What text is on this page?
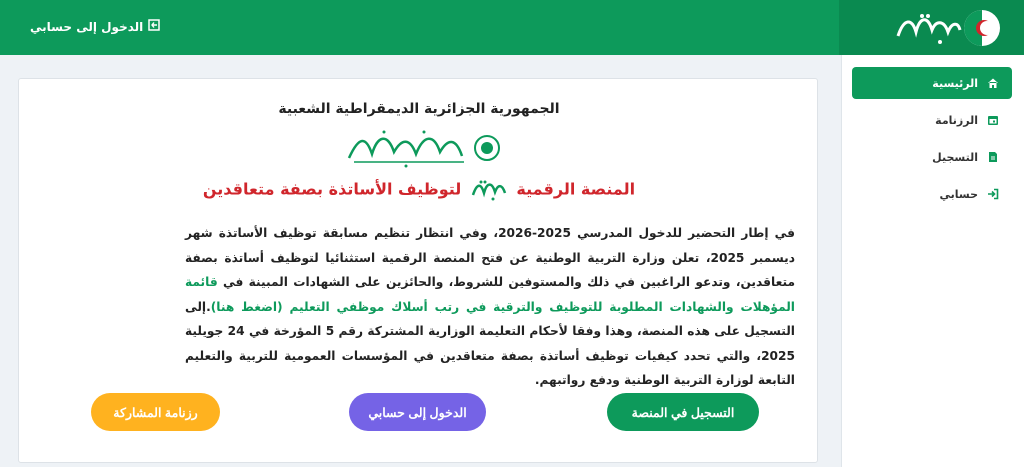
الدخول إلى حسابي
الرئيسية
الرزنامة
التسجيل
حسابي
الجمهورية الجزائرية الديمقراطية الشعبية
المنصة الرقمية  لتوظيف الأساتذة بصفة متعاقدين
في إطار التحضير للدخول المدرسي 2025-2026، وفي انتظار تنظيم مسابقة توظيف الأساتذة شهر ديسمبر 2025، تعلن وزارة التربية الوطنية عن فتح المنصة الرقمية استثنائيا لتوظيف أساتذة بصفة متعاقدين، وتدعو الراغبين في ذلك والمستوفين للشروط، والحائزين على الشهادات المبينة في قائمة المؤهلات والشهادات المطلوبة للتوظيف والترقية في رتب أسلاك موظفي التعليم (اضغط هنا).إلى التسجيل على هذه المنصة، وهذا وفقا لأحكام التعليمة الوزارية المشتركة رقم 5 المؤرخة في 24 جويلية 2025، والتي تحدد كيفيات توظيف أساتذة بصفة متعاقدين في المؤسسات العمومية للتربية والتعليم التابعة لوزارة التربية الوطنية ودفع رواتبهم.
التسجيل في المنصة
الدخول إلى حسابي
رزنامة المشاركة
